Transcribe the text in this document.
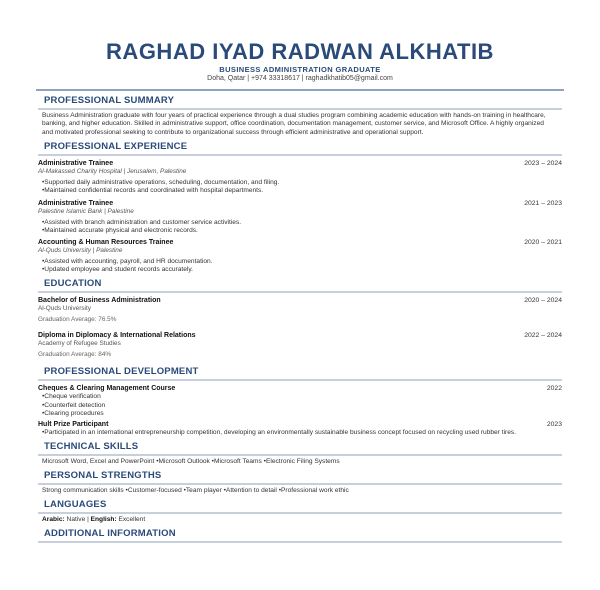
RAGHAD IYAD RADWAN ALKHATIB
BUSINESS ADMINISTRATION GRADUATE
Doha, Qatar | +974 33318617 | raghadkhatib05@gmail.com
PROFESSIONAL SUMMARY
Business Administration graduate with four years of practical experience through a dual studies program combining academic education with hands-on training in healthcare, banking, and higher education. Skilled in administrative support, office coordination, documentation management, customer service, and Microsoft Office. A highly organized and motivated professional seeking to contribute to organizational success through efficient administrative and operational support.
PROFESSIONAL EXPERIENCE
Administrative Trainee	2023 – 2024
Al-Makassed Charity Hospital | Jerusalem, Palestine
•Supported daily administrative operations, scheduling, documentation, and filing.
•Maintained confidential records and coordinated with hospital departments.
Administrative Trainee	2021 – 2023
Palestine Islamic Bank | Palestine
•Assisted with branch administration and customer service activities.
•Maintained accurate physical and electronic records.
Accounting & Human Resources Trainee	2020 – 2021
Al-Quds University | Palestine
•Assisted with accounting, payroll, and HR documentation.
•Updated employee and student records accurately.
EDUCATION
Bachelor of Business Administration	2020 – 2024
Al-Quds University
Graduation Average: 76.5%
Diploma in Diplomacy & International Relations	2022 – 2024
Academy of Refugee Studies
Graduation Average: 84%
PROFESSIONAL DEVELOPMENT
Cheques & Clearing Management Course	2022
•Cheque verification
•Counterfeit detection
•Clearing procedures
Hult Prize Participant	2023
•Participated in an international entrepreneurship competition, developing an environmentally sustainable business concept focused on recycling used rubber tires.
TECHNICAL SKILLS
Microsoft Word, Excel and PowerPoint •Microsoft Outlook •Microsoft Teams •Electronic Filing Systems
PERSONAL STRENGTHS
Strong communication skills •Customer-focused •Team player •Attention to detail •Professional work ethic
LANGUAGES
Arabic: Native | English: Excellent
ADDITIONAL INFORMATION
